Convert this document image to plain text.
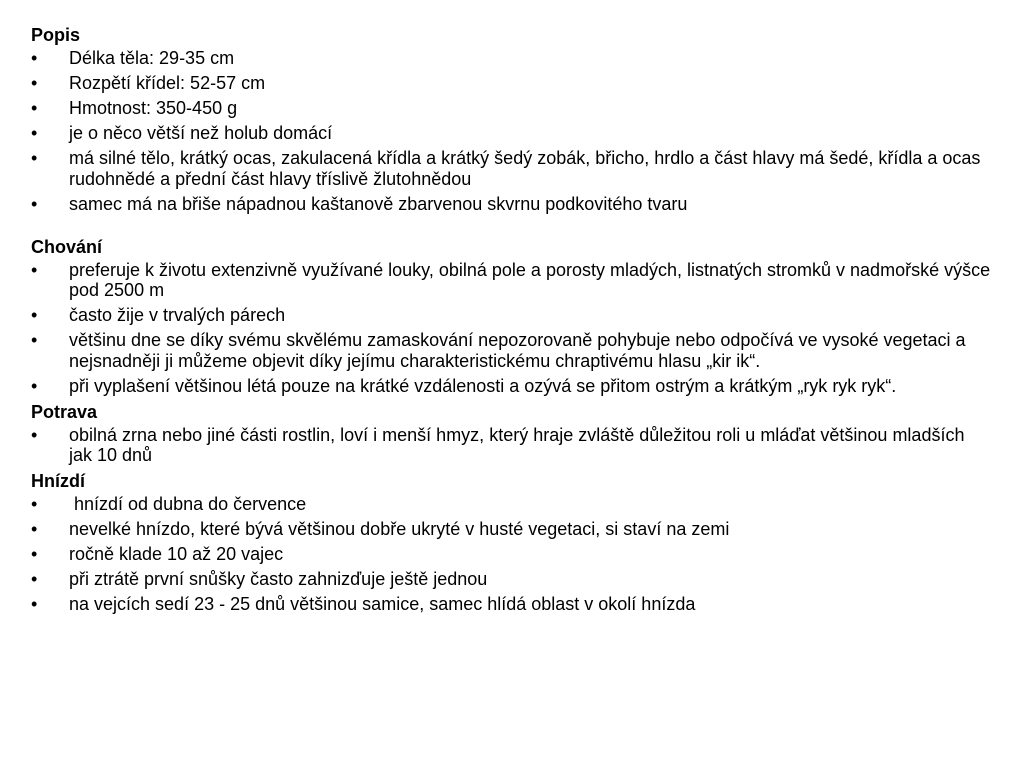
Popis
•	Délka těla: 29-35 cm
•	Rozpětí křídel: 52-57 cm
•	Hmotnost: 350-450 g
•	je o něco větší než holub domácí
•	má silné tělo, krátký ocas, zakulacená křídla a krátký šedý zobák, břicho, hrdlo a část hlavy má šedé, křídla a ocas rudohnědé a přední část hlavy tříslivě žlutohnědou
•	samec má na břiše nápadnou kaštanově zbarvenou skvrnu podkovitého tvaru
Chování
•	preferuje k životu extenzivně využívané louky, obilná pole a porosty mladých, listnatých stromků v nadmořské výšce pod 2500 m
•	často žije v trvalých párech
•	většinu dne se díky svému skvělému zamaskování nepozorovaně pohybuje nebo odpočívá ve vysoké vegetaci a nejsnadněji ji můžeme objevit díky jejímu charakteristickému chraptivému hlasu „kir ik“.
•	při vyplašení většinou létá pouze na krátké vzdálenosti a ozývá se přitom ostrým a krátkým „ryk ryk ryk“.
Potrava
•	obilná zrna nebo jiné části rostlin, loví i menší hmyz, který hraje zvláště důležitou roli u mláďat většinou mladších jak 10 dnů
Hnízdí
•	hnízdí od dubna do července
•	nevelké hnízdo, které bývá většinou dobře ukryté v husté vegetaci, si staví na zemi
•	ročně klade 10 až 20 vajec
•	při ztrátě první snůšky často zahnizďuje ještě jednou
•	na vejcích sedí 23 - 25 dnů většinou samice, samec hlídá oblast v okolí hnízda
